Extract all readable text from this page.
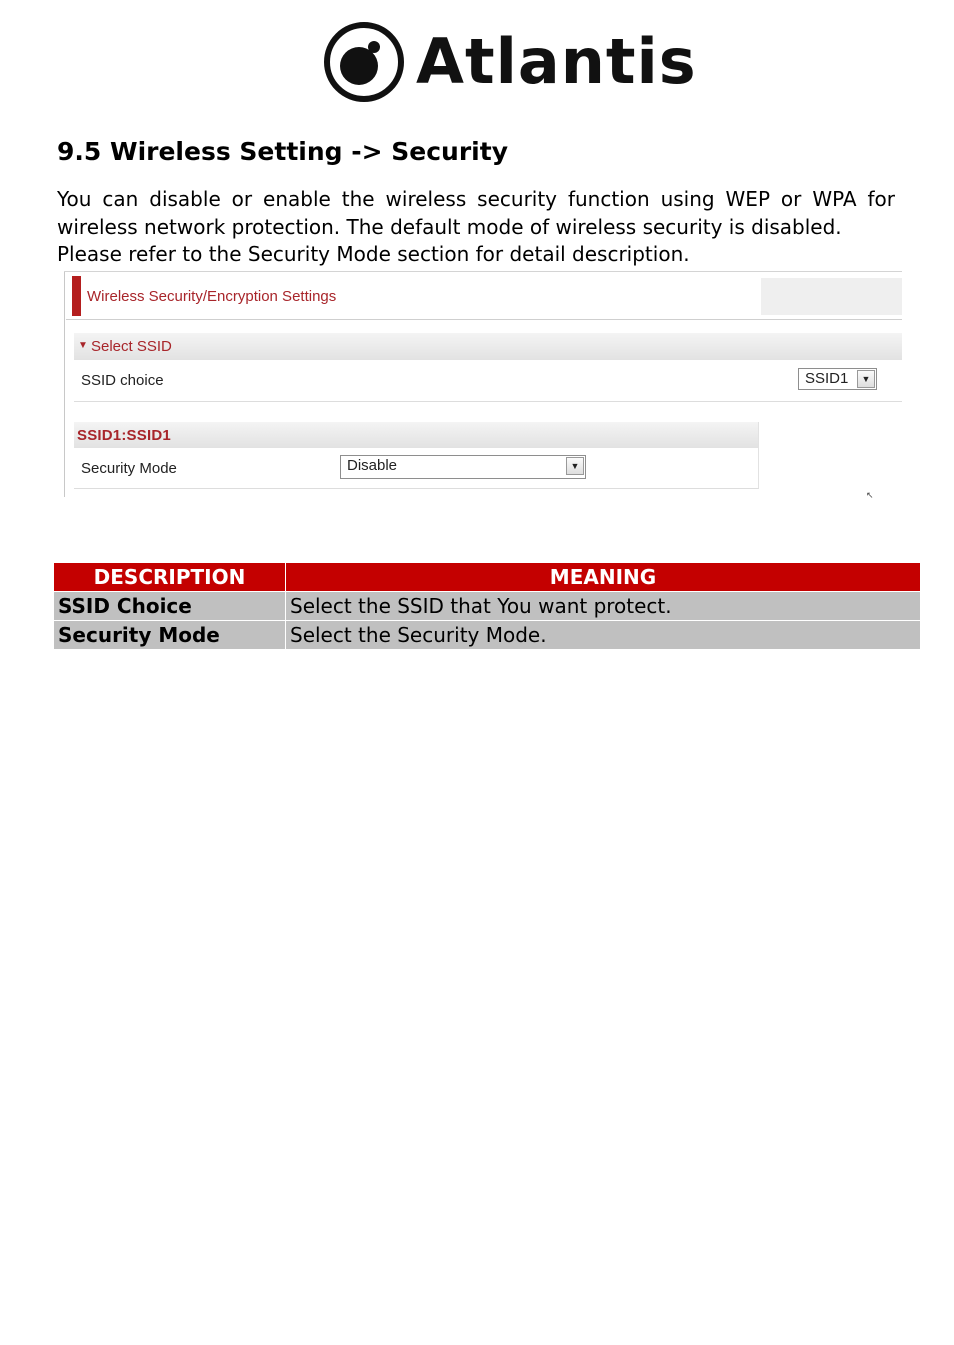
Atlantis
9.5 Wireless Setting -> Security

You can disable or enable the wireless security function using WEP or WPA for wireless network protection. The default mode of wireless security is disabled.
Please refer to the Security Mode section for detail description.

Wireless Security/Encryption Settings
▼ Select SSID
SSID choice	SSID1	▼
SSID1:SSID1
Security Mode	Disable	▼
↖
DESCRIPTION	MEANING
SSID Choice	Select the SSID that You want protect.
Security Mode	Select the Security Mode.
